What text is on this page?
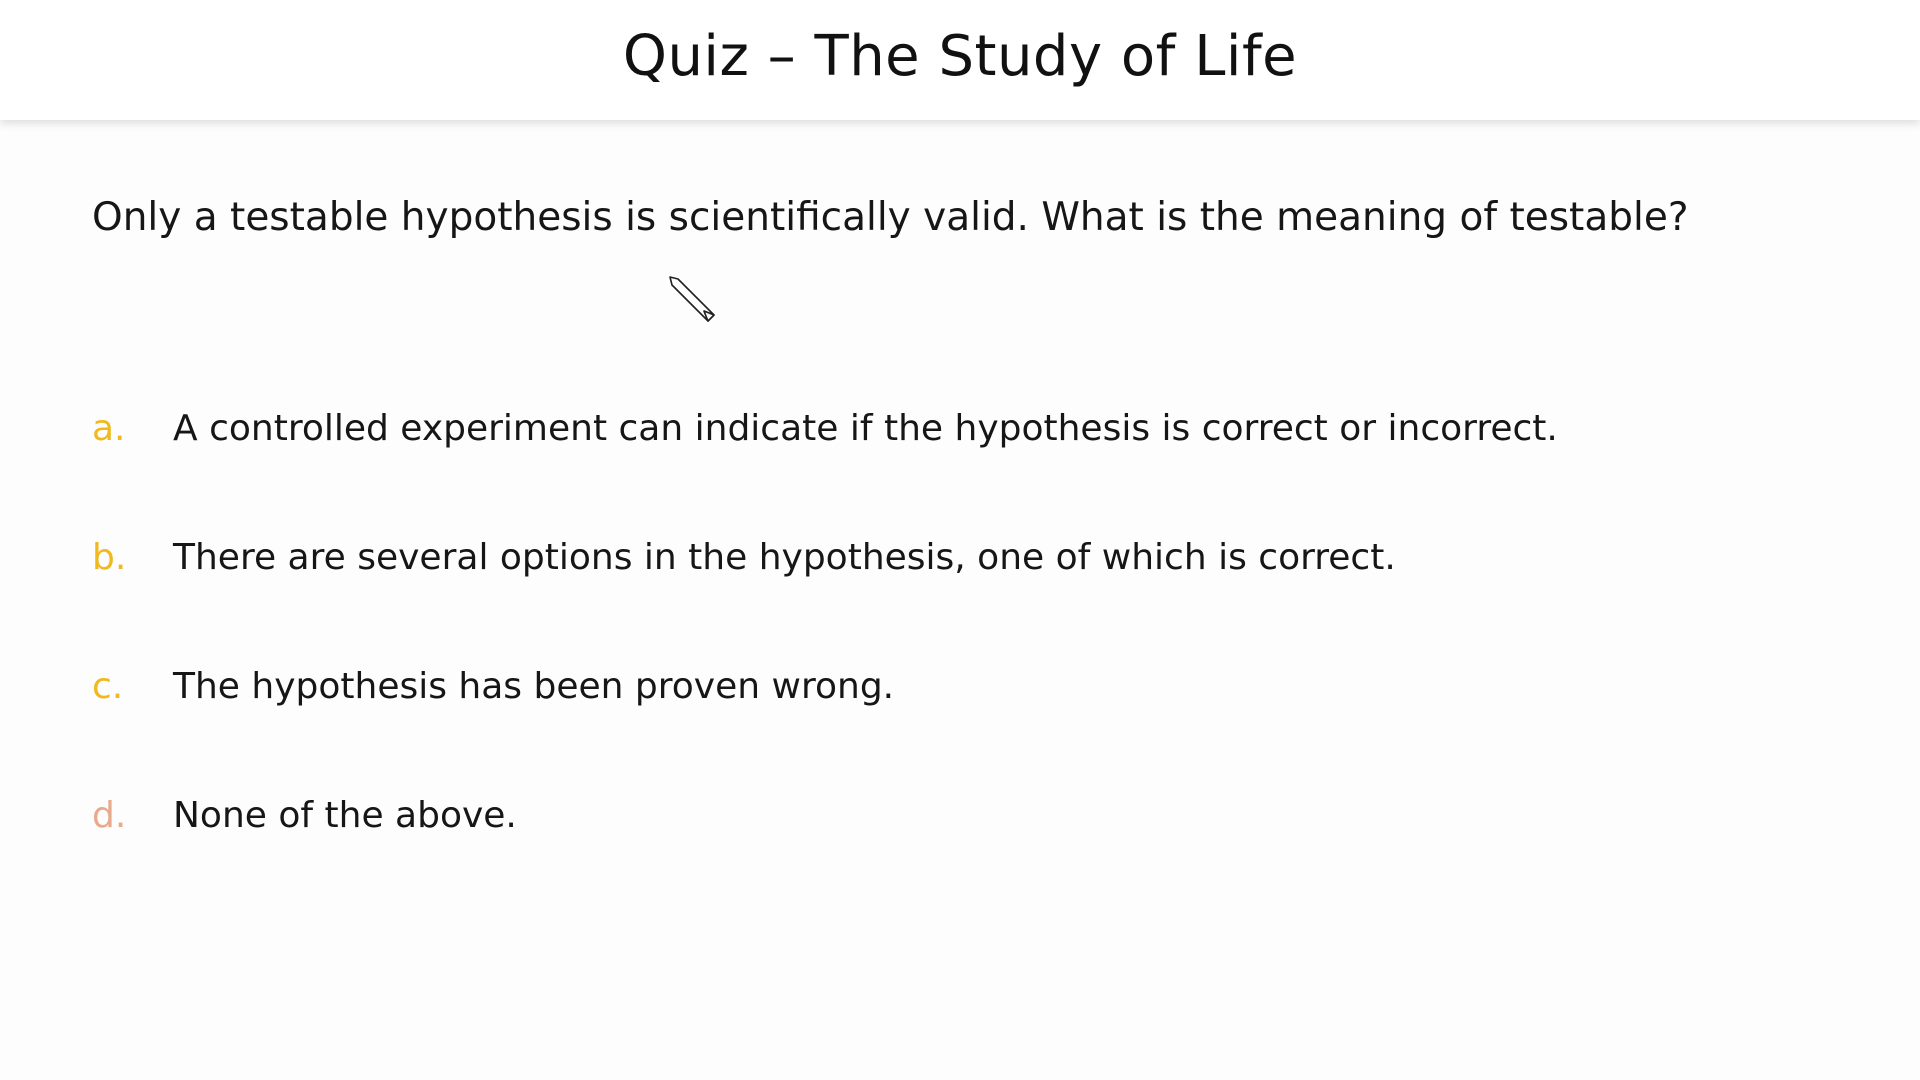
Quiz – The Study of Life
Only a testable hypothesis is scientifically valid. What is the meaning of testable?
a.	A controlled experiment can indicate if the hypothesis is correct or incorrect.
b.	There are several options in the hypothesis, one of which is correct.
c.	The hypothesis has been proven wrong.
d.	None of the above.
